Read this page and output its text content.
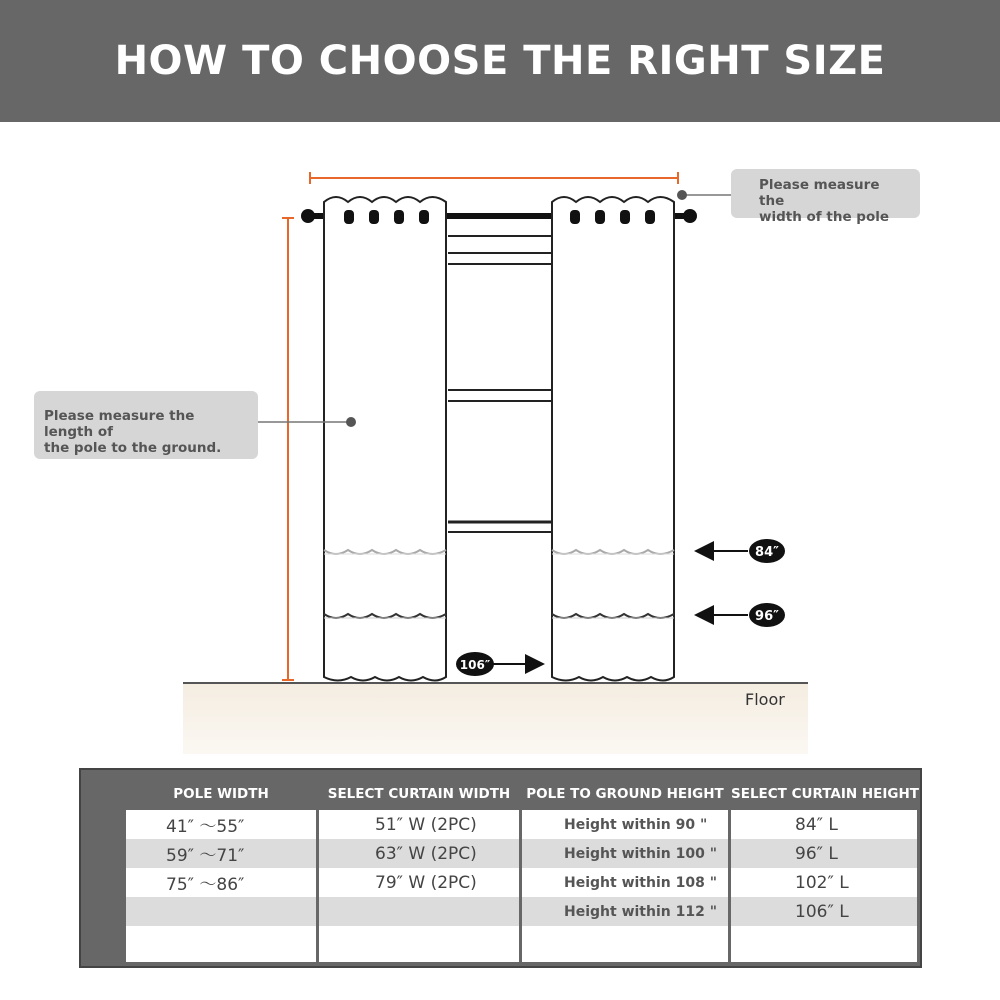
HOW TO CHOOSE THE RIGHT SIZE
Floor
84″
96″
106″
Please measure the
width of the pole
Please measure the length of
the pole to the ground.
POLE WIDTH	SELECT CURTAIN WIDTH	POLE TO GROUND HEIGHT SELECT CURTAIN HEIGHT
41″ ～55″
59″ ～71″
75″ ～86″
51″ W (2PC)
63″ W (2PC)
79″ W (2PC)
Height within 90 "
Height within 100 "
Height within 108 "
Height within 112 "
84″ L
96″ L
102″ L
106″ L
